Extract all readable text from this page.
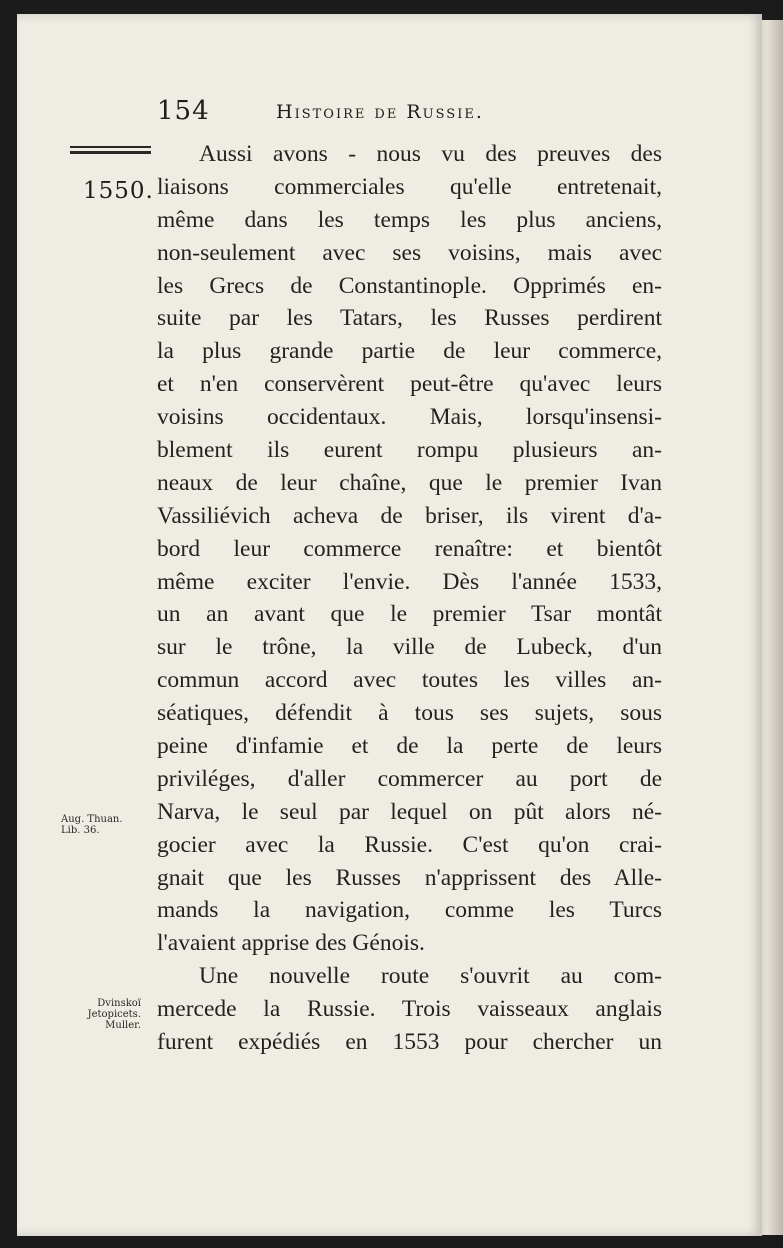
154	Histoire de Russie.
1550.
Aussi avons - nous vu des preuves des
liaisons commerciales qu'elle entretenait,
même dans les temps les plus anciens,
non-seulement avec ses voisins, mais avec
les Grecs de Constantinople. Opprimés en-
suite par les Tatars, les Russes perdirent
la plus grande partie de leur commerce,
et n'en conservèrent peut-être qu'avec leurs
voisins occidentaux. Mais, lorsqu'insensi-
blement ils eurent rompu plusieurs an-
neaux de leur chaîne, que le premier Ivan
Vassiliévich acheva de briser, ils virent d'a-
bord leur commerce renaître: et bientôt
même exciter l'envie. Dès l'année 1533,
un an avant que le premier Tsar montât
sur le trône, la ville de Lubeck, d'un
commun accord avec toutes les villes an-
séatiques, défendit à tous ses sujets, sous
peine d'infamie et de la perte de leurs
priviléges, d'aller commercer au port de
Narva, le seul par lequel on pût alors né-
gocier avec la Russie. C'est qu'on crai-
gnait que les Russes n'apprissent des Alle-
mands la navigation, comme les Turcs
l'avaient apprise des Génois.
Une nouvelle route s'ouvrit au com-
mercede la Russie. Trois vaisseaux anglais
furent expédiés en 1553 pour chercher un
Aug. Thuan.
Lib. 36.
Dvinskoï
Jetopicets.
Muller.
